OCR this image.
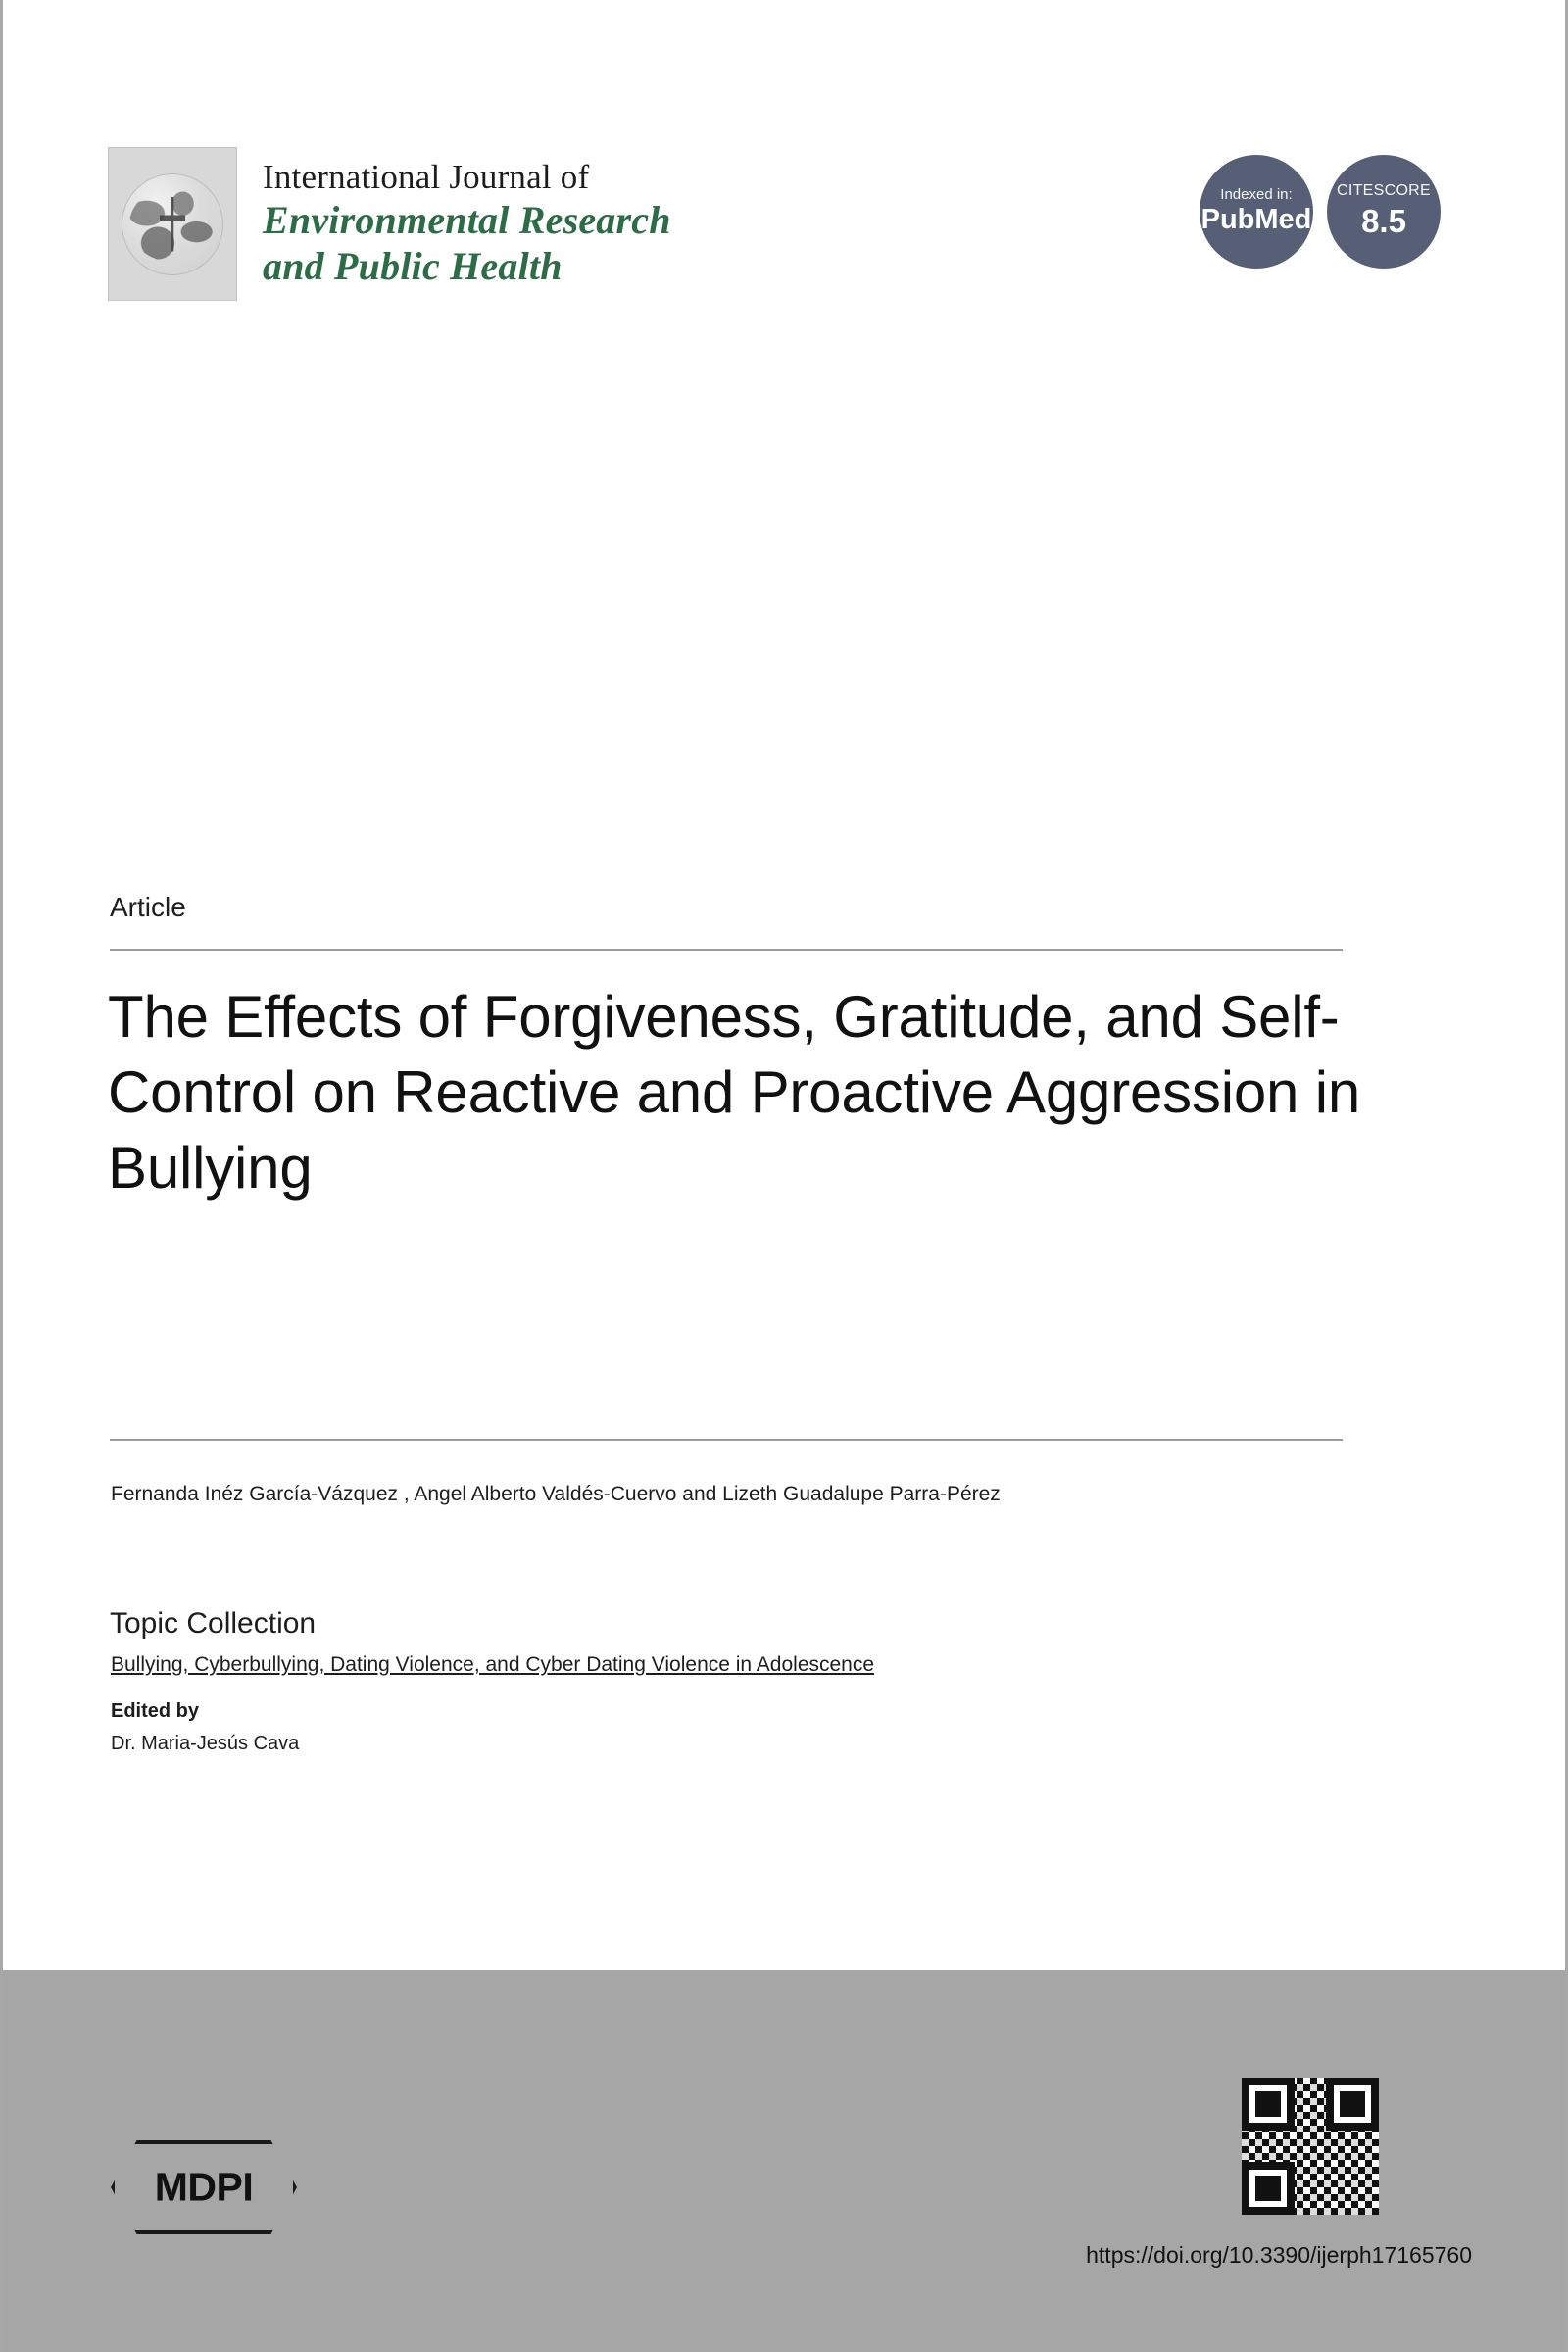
International Journal of
Environmental Research
and Public Health
Indexed in:
PubMed
CITESCORE
8.5
Article
The Effects of Forgiveness, Gratitude, and Self-Control on Reactive and Proactive Aggression in Bullying
Fernanda Inéz García-Vázquez , Angel Alberto Valdés-Cuervo and Lizeth Guadalupe Parra-Pérez
Topic Collection
Bullying, Cyberbullying, Dating Violence, and Cyber Dating Violence in Adolescence
Edited by
Dr. Maria-Jesús Cava
MDPI
https://doi.org/10.3390/ijerph17165760
